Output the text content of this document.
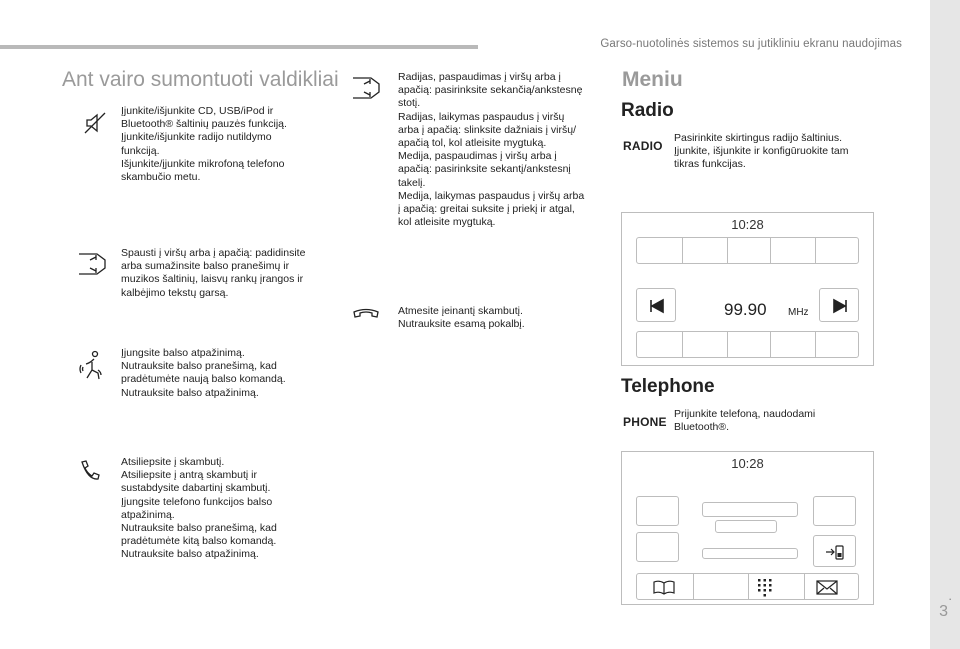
Garso-nuotolinės sistemos su jutikliniu ekranu naudojimas
.
3
Ant vairo sumontuoti valdikliai
Įjunkite/išjunkite CD, USB/iPod ir
Bluetooth® šaltinių pauzės funkciją.
Įjunkite/išjunkite radijo nutildymo
funkciją.
Išjunkite/įjunkite mikrofoną telefono
skambučio metu.
Spausti į viršų arba į apačią: padidinsite
arba sumažinsite balso pranešimų ir
muzikos šaltinių, laisvų rankų įrangos ir
kalbėjimo tekstų garsą.
Įjungsite balso atpažinimą.
Nutrauksite balso pranešimą, kad
pradėtumėte naują balso komandą.
Nutrauksite balso atpažinimą.
Atsiliepsite į skambutį.
Atsiliepsite į antrą skambutį ir
sustabdysite dabartinį skambutį.
Įjungsite telefono funkcijos balso
atpažinimą.
Nutrauksite balso pranešimą, kad
pradėtumėte kitą balso komandą.
Nutrauksite balso atpažinimą.
Radijas, paspaudimas į viršų arba į
apačią: pasirinksite sekančią/ankstesnę
stotį.
Radijas, laikymas paspaudus į viršų
arba į apačią: slinksite dažniais į viršų/
apačią tol, kol atleisite mygtuką.
Medija, paspaudimas į viršų arba į
apačią: pasirinksite sekantį/ankstesnį
takelį.
Medija, laikymas paspaudus į viršų arba
į apačią: greitai suksite į priekį ir atgal,
kol atleisite mygtuką.
Atmesite įeinantį skambutį.
Nutrauksite esamą pokalbį.
Meniu
Radio
RADIO
Pasirinkite skirtingus radijo šaltinius.
Įjunkite, išjunkite ir konfigūruokite tam
tikras funkcijas.
10:28
99.90 MHz
Telephone
PHONE
Prijunkite telefoną, naudodami
Bluetooth®.
10:28
